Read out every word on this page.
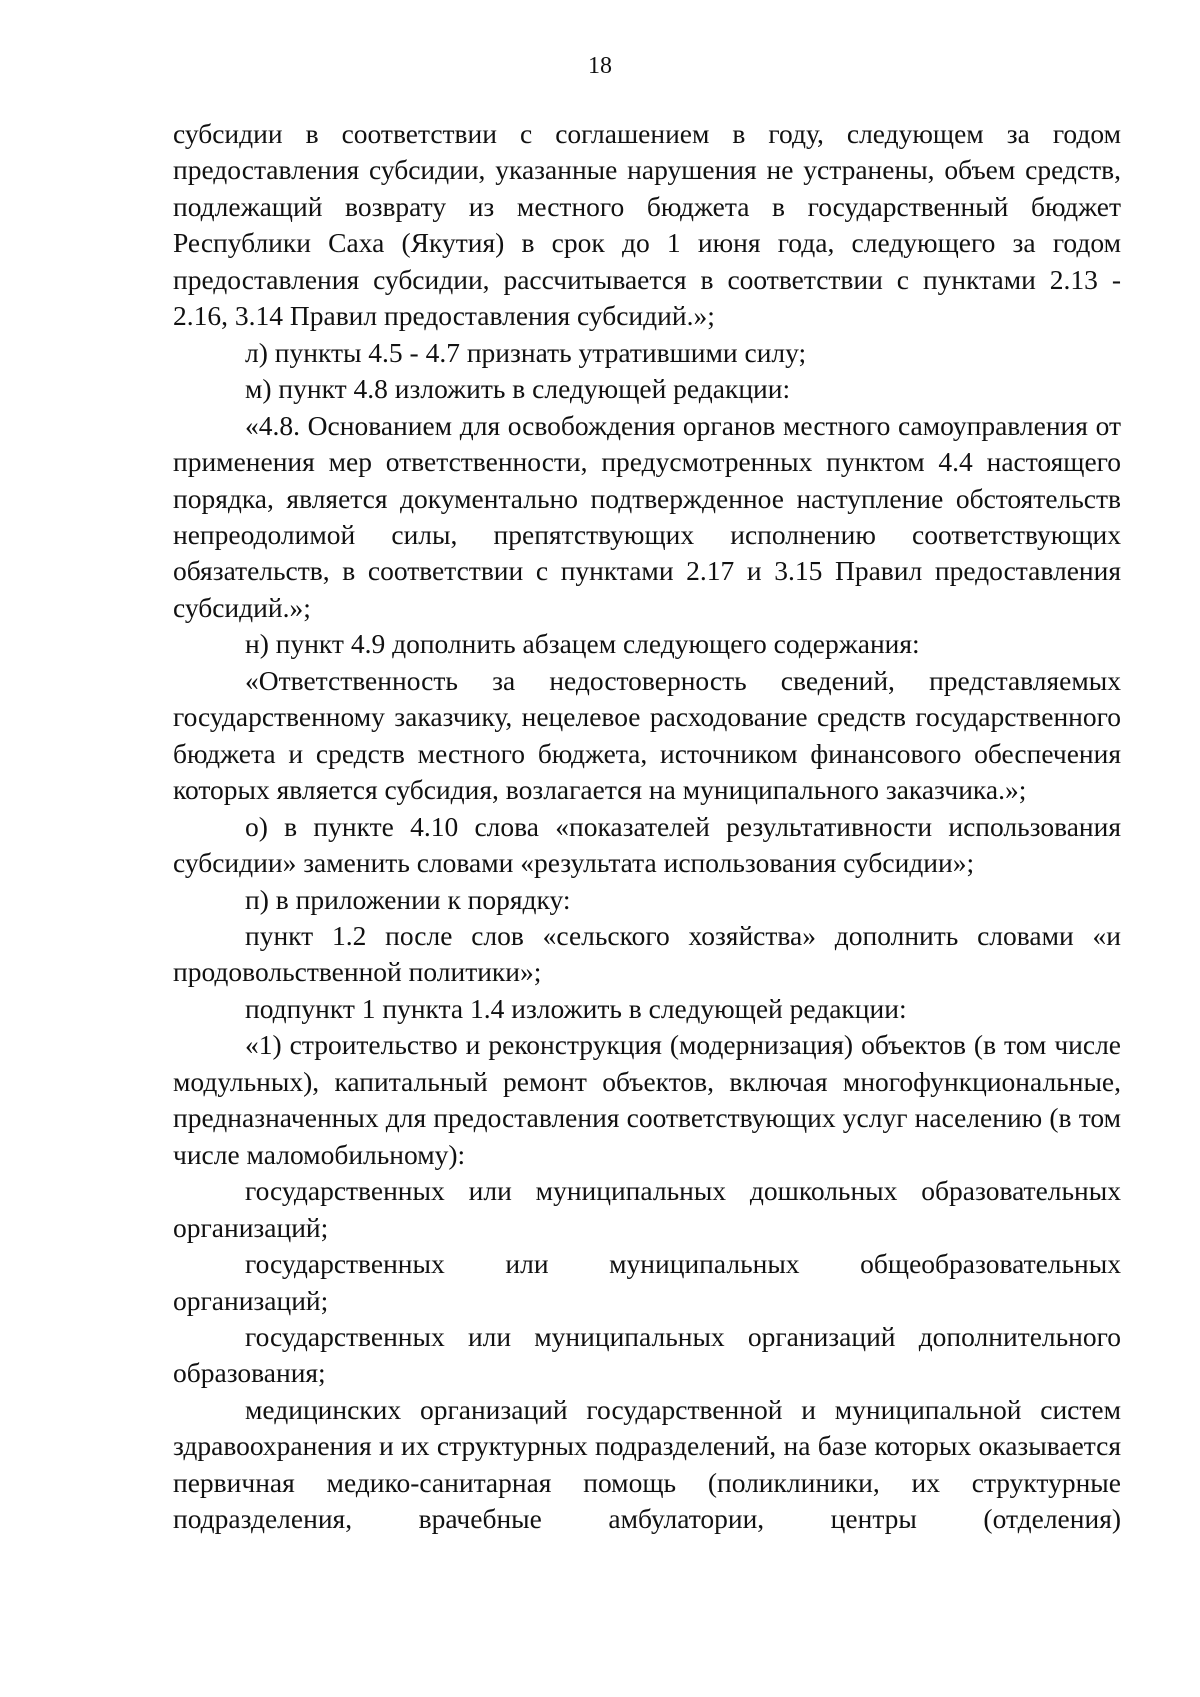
18

субсидии в соответствии с соглашением в году, следующем за годом предоставления субсидии, указанные нарушения не устранены, объем средств, подлежащий возврату из местного бюджета в государственный бюджет Республики Саха (Якутия) в срок до 1 июня года, следующего за годом предоставления субсидии, рассчитывается в соответствии с пунктами 2.13 - 2.16, 3.14 Правил предоставления субсидий.»;

л) пункты 4.5 - 4.7 признать утратившими силу;

м) пункт 4.8 изложить в следующей редакции:

«4.8. Основанием для освобождения органов местного самоуправления от применения мер ответственности, предусмотренных пунктом 4.4 настоящего порядка, является документально подтвержденное наступление обстоятельств непреодолимой силы, препятствующих исполнению соответствующих обязательств, в соответствии с пунктами 2.17 и 3.15 Правил предоставления субсидий.»;

н) пункт 4.9 дополнить абзацем следующего содержания:

«Ответственность за недостоверность сведений, представляемых государственному заказчику, нецелевое расходование средств государственного бюджета и средств местного бюджета, источником финансового обеспечения которых является субсидия, возлагается на муниципального заказчика.»;

о) в пункте 4.10 слова «показателей результативности использования субсидии» заменить словами «результата использования субсидии»;

п) в приложении к порядку:

пункт 1.2 после слов «сельского хозяйства» дополнить словами «и продовольственной политики»;

подпункт 1 пункта 1.4 изложить в следующей редакции:

«1) строительство и реконструкция (модернизация) объектов (в том числе модульных), капитальный ремонт объектов, включая многофункциональные, предназначенных для предоставления соответствующих услуг населению (в том числе маломобильному):

государственных или муниципальных дошкольных образовательных организаций;

государственных или муниципальных общеобразовательных организаций;

государственных или муниципальных организаций дополнительного образования;

медицинских организаций государственной и муниципальной систем здравоохранения и их структурных подразделений, на базе которых оказывается первичная медико-санитарная помощь (поликлиники, их структурные подразделения, врачебные амбулатории, центры (отделения)
